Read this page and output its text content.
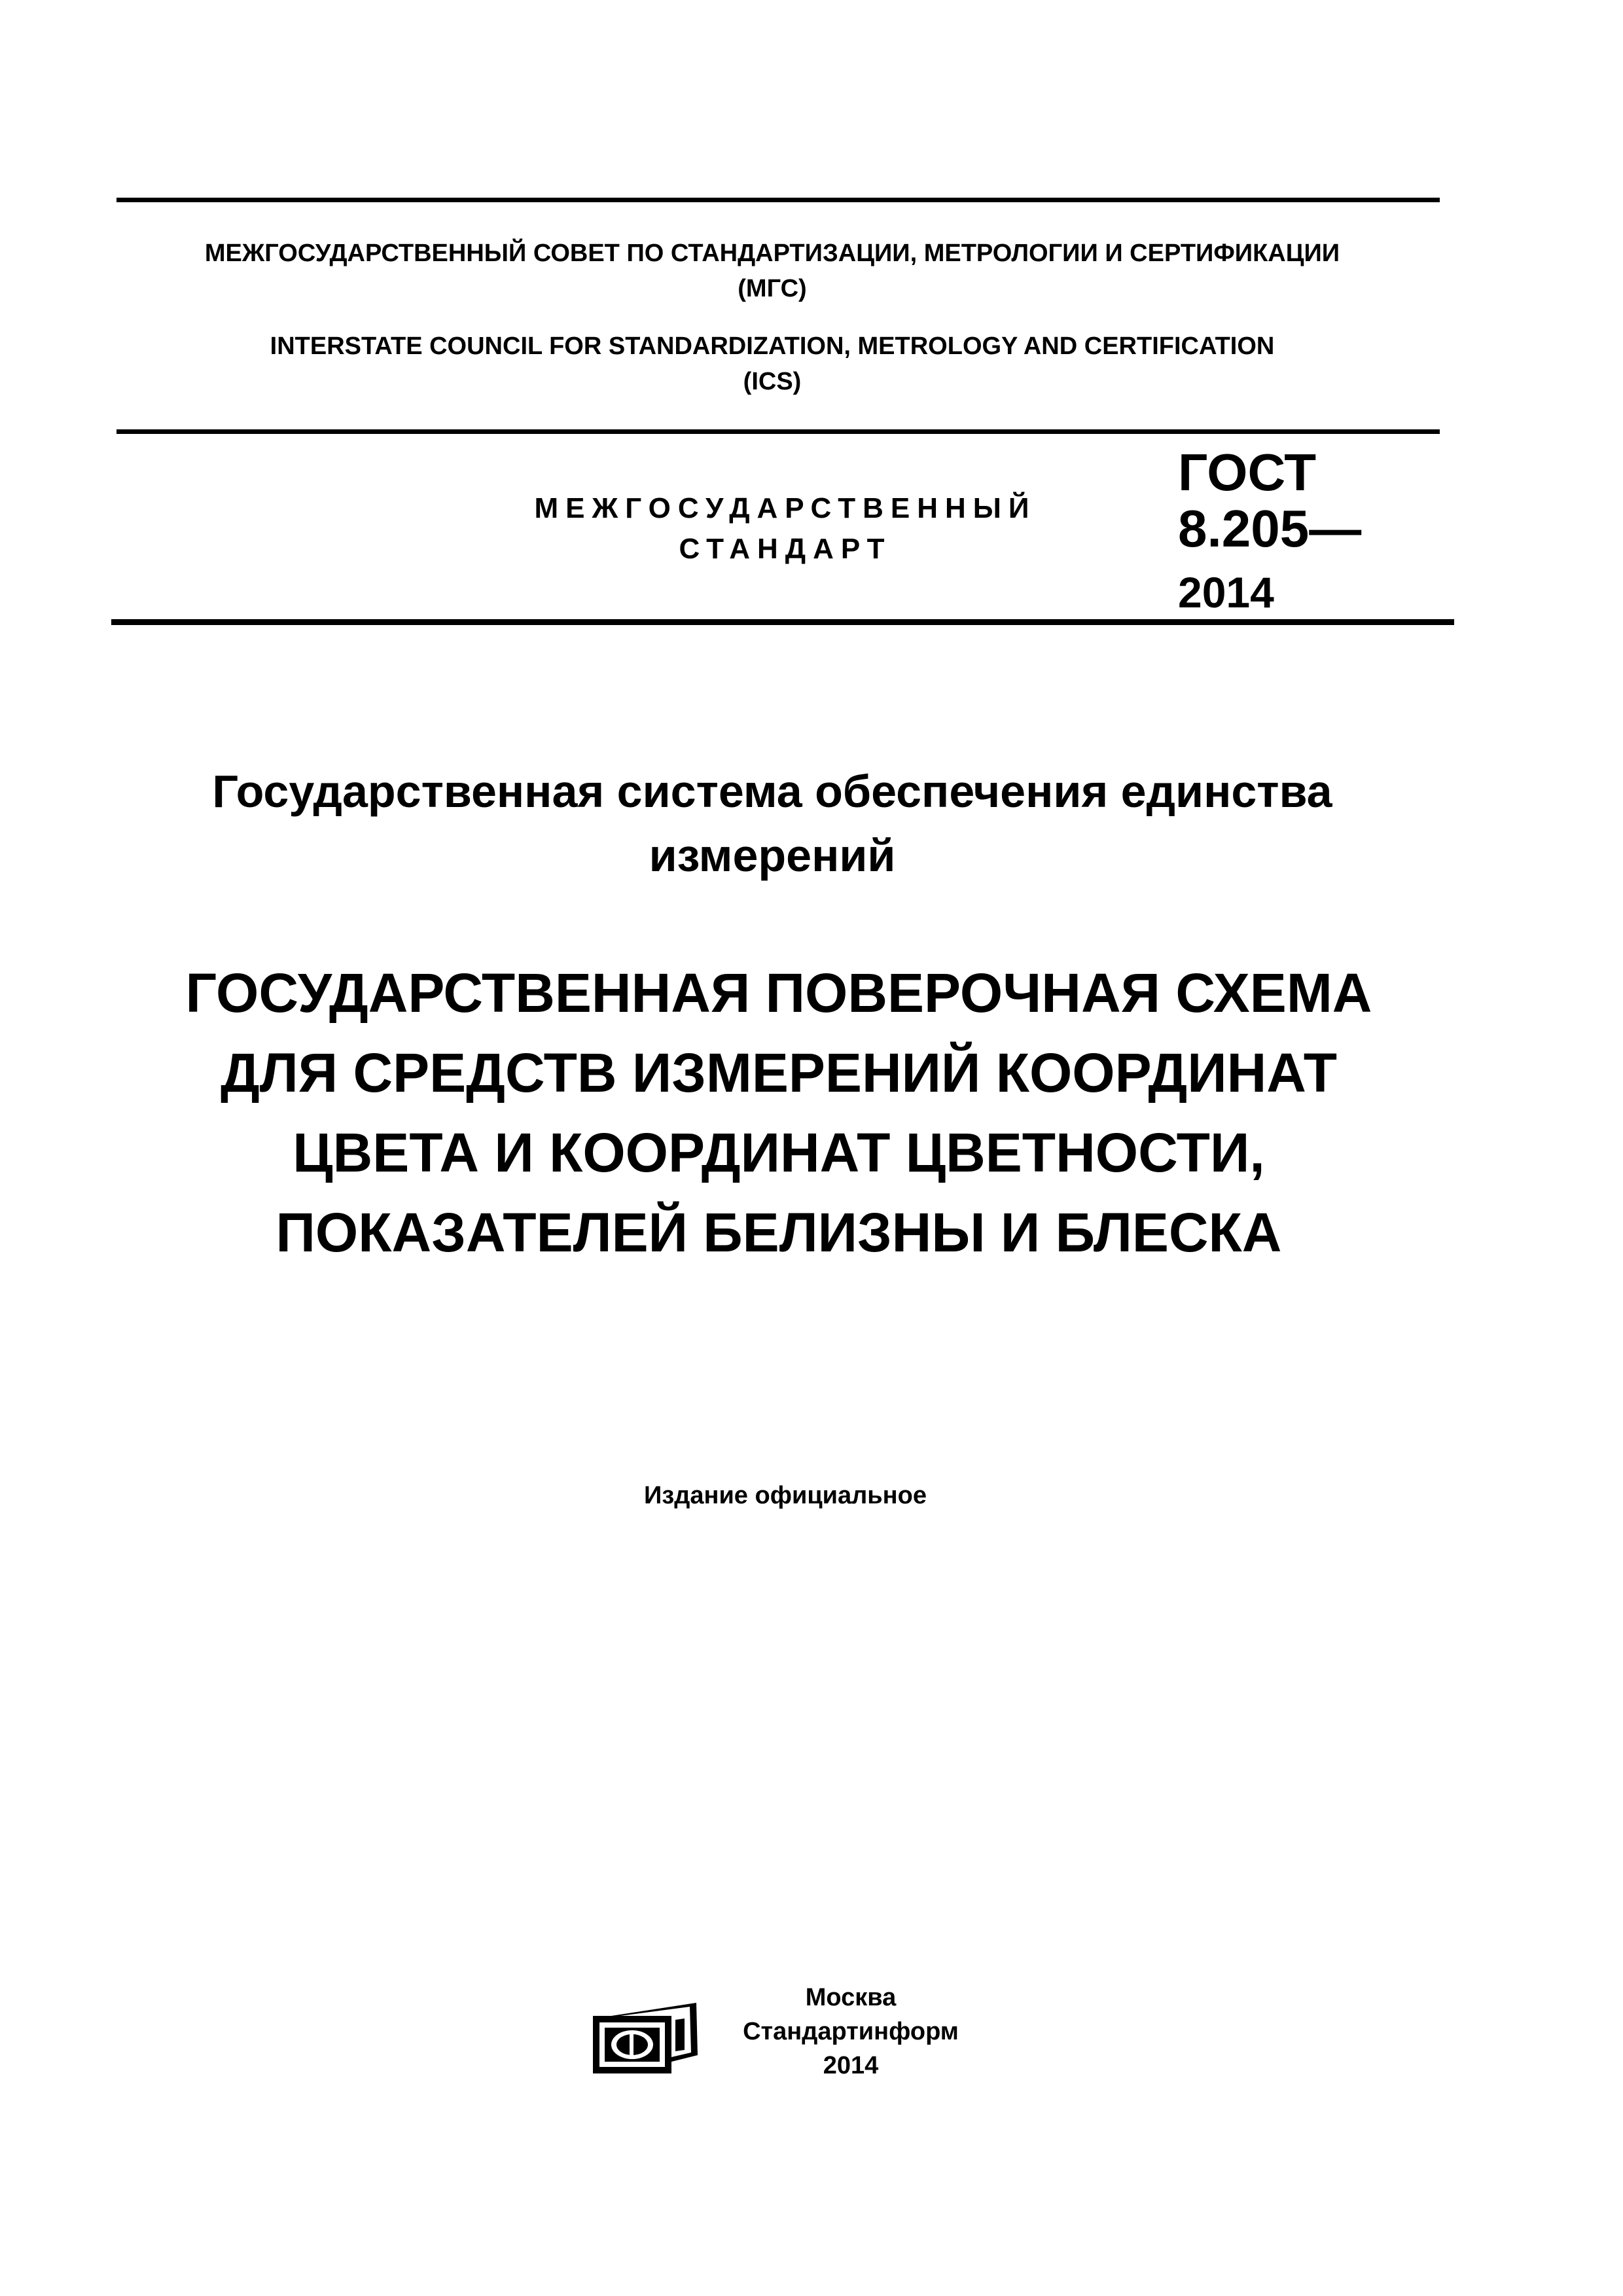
МЕЖГОСУДАРСТВЕННЫЙ СОВЕТ ПО СТАНДАРТИЗАЦИИ, МЕТРОЛОГИИ И СЕРТИФИКАЦИИ
(МГС)
INTERSTATE COUNCIL FOR STANDARDIZATION, METROLOGY AND CERTIFICATION
(ICS)
МЕЖГОСУДАРСТВЕННЫЙ
СТАНДАРТ
ГОСТ
8.205—
2014
Государственная система обеспечения единства
измерений
ГОСУДАРСТВЕННАЯ ПОВЕРОЧНАЯ СХЕМА
ДЛЯ СРЕДСТВ ИЗМЕРЕНИЙ КООРДИНАТ
ЦВЕТА И КООРДИНАТ ЦВЕТНОСТИ,
ПОКАЗАТЕЛЕЙ БЕЛИЗНЫ И БЛЕСКА
Издание официальное
Москва
Стандартинформ
2014
